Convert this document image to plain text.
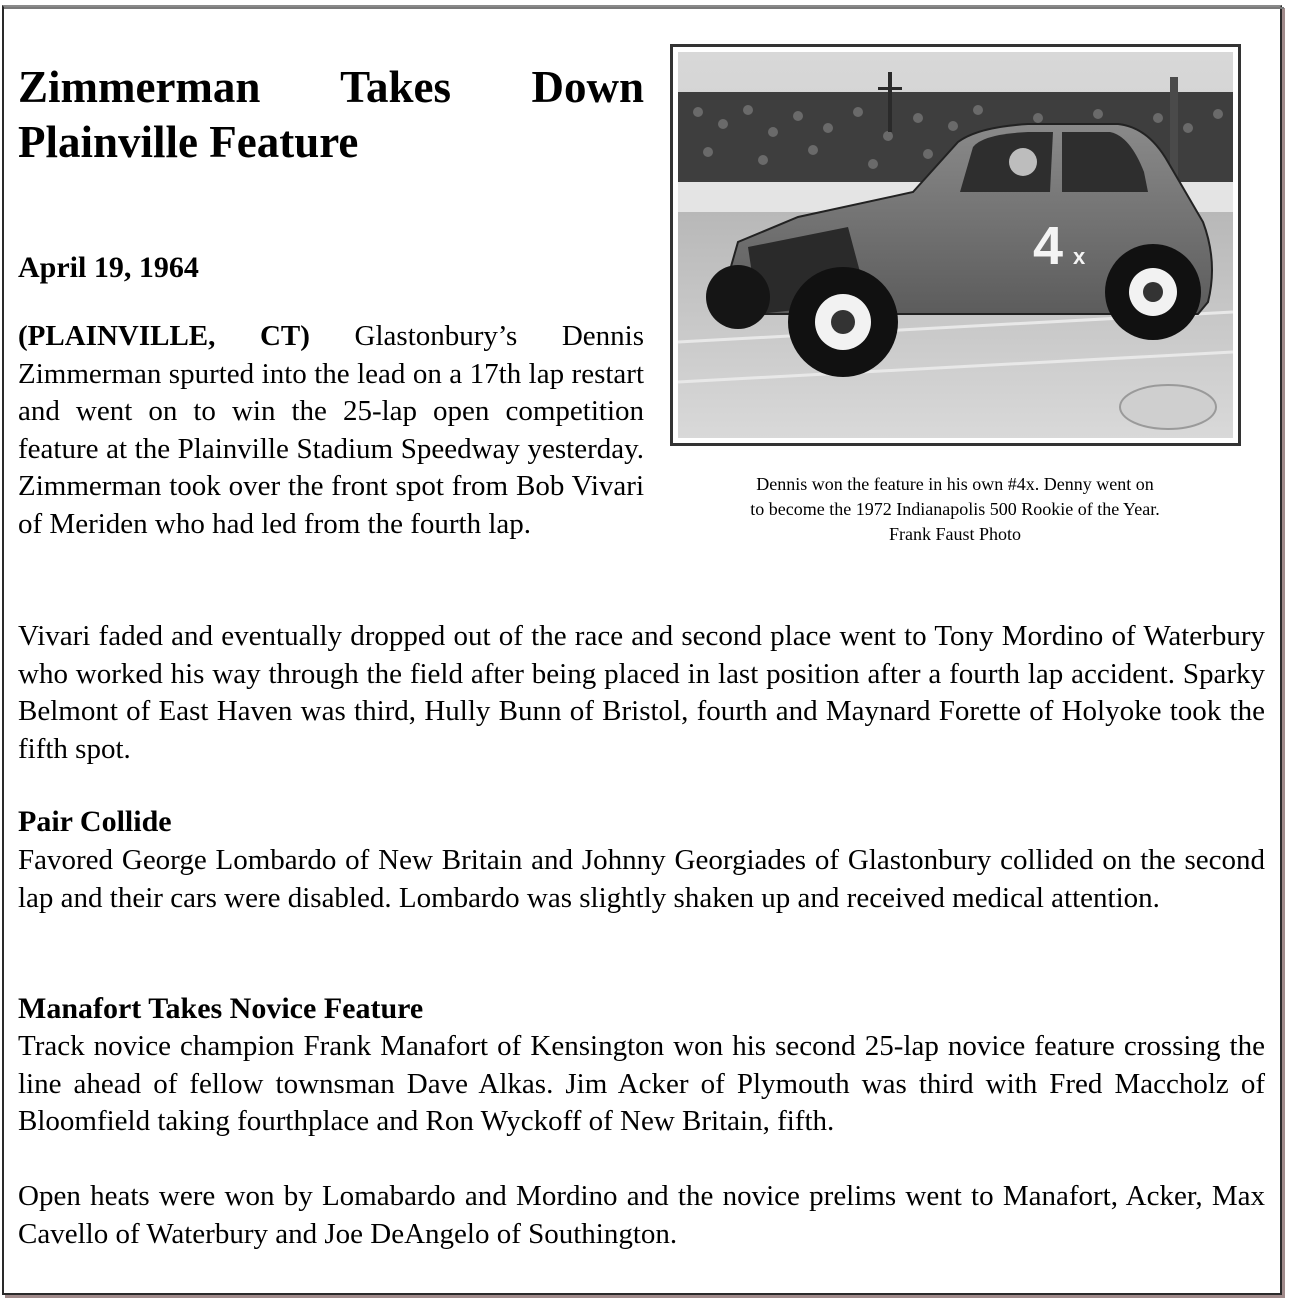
Zimmerman Takes Down Plainville Feature

April 19, 1964

(PLAINVILLE, CT) Glastonbury’s Dennis Zimmerman spurted into the lead on a 17th lap restart and went on to win the 25-lap open competition feature at the Plainville Stadium Speedway yesterday. Zimmerman took over the front spot from Bob Vivari of Meriden who had led from the fourth lap.

4 x

Dennis won the feature in his own #4x. Denny went on
to become the 1972 Indianapolis 500 Rookie of the Year.
Frank Faust Photo

Vivari faded and eventually dropped out of the race and second place went to Tony Mordino of Waterbury who worked his way through the field after being placed in last position after a fourth lap accident. Sparky Belmont of East Haven was third, Hully Bunn of Bristol, fourth and Maynard Forette of Holyoke took the fifth spot.

Pair Collide

Favored George Lombardo of New Britain and Johnny Georgiades of Glastonbury collided on the second lap and their cars were disabled. Lombardo was slightly shaken up and received medical attention.

Manafort Takes Novice Feature

Track novice champion Frank Manafort of Kensington won his second 25-lap novice feature crossing the line ahead of fellow townsman Dave Alkas. Jim Acker of Plymouth was third with Fred Maccholz of Bloomfield taking fourthplace and Ron Wyckoff of New Britain, fifth.

Open heats were won by Lomabardo and Mordino and the novice prelims went to Manafort, Acker, Max Cavello of Waterbury and Joe DeAngelo of Southington.
